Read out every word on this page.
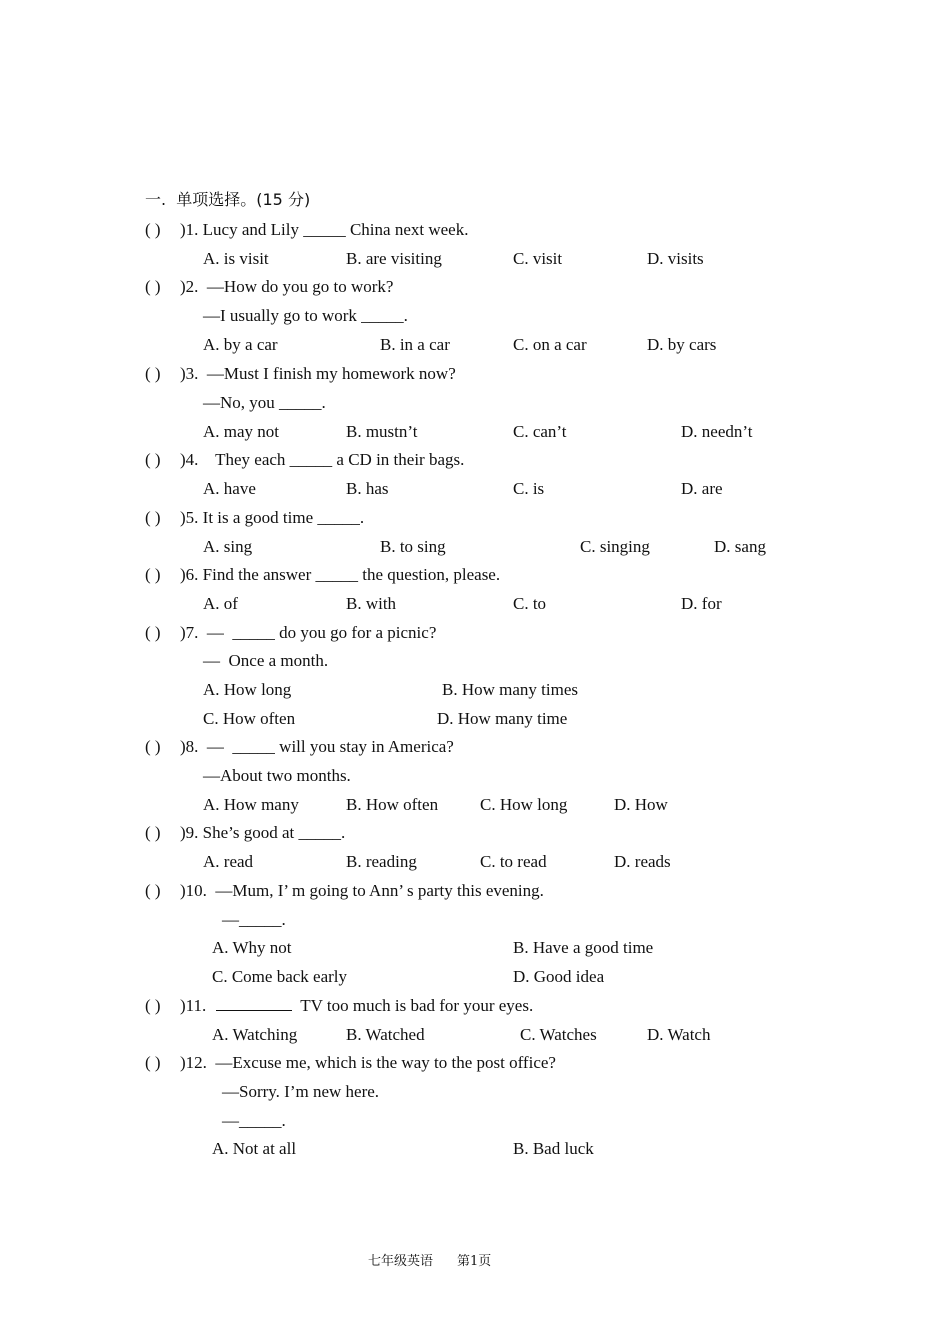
一.  单项选择。(15 分)
( ) )1. Lucy and Lily _____ China next week.
A. is visit	B. are visiting	C. visit	D. visits
( ) )2.  —How do you go to work?
—I usually go to work _____.
A. by a car	B. in a car	C. on a car	D. by cars
( ) )3.  —Must I finish my homework now?
—No, you _____.
A. may not	B. mustn’t	C. can’t	D. needn’t
( ) )4.    They each _____ a CD in their bags.
A. have	B. has	C. is	D. are
( ) )5. It is a good time _____.
A. sing	B. to sing	C. singing	D. sang
( ) )6. Find the answer _____ the question, please.
A. of	B. with	C. to	D. for
( ) )7.  —  _____ do you go for a picnic?
—  Once a month.
A. How long	B. How many times
C. How often	D. How many time
( ) )8.  —  _____ will you stay in America?
—About two months.
A. How many	B. How often C. How long	D. How
( ) )9. She’s good at _____.
A. read	B. reading	C. to read	D. reads
( ) )10.  —Mum, I’ m going to Ann’ s party this evening.
—_____.
A. Why not	B. Have a good time
C. Come back early	D. Good idea
( ) )11.	TV too much is bad for your eyes.
A. Watching	B. Watched	C. Watches	D. Watch
( ) )12.  —Excuse me, which is the way to the post office?
—Sorry. I’m new here.
—_____.
A. Not at all	B. Bad luck
七年级英语 第1页
